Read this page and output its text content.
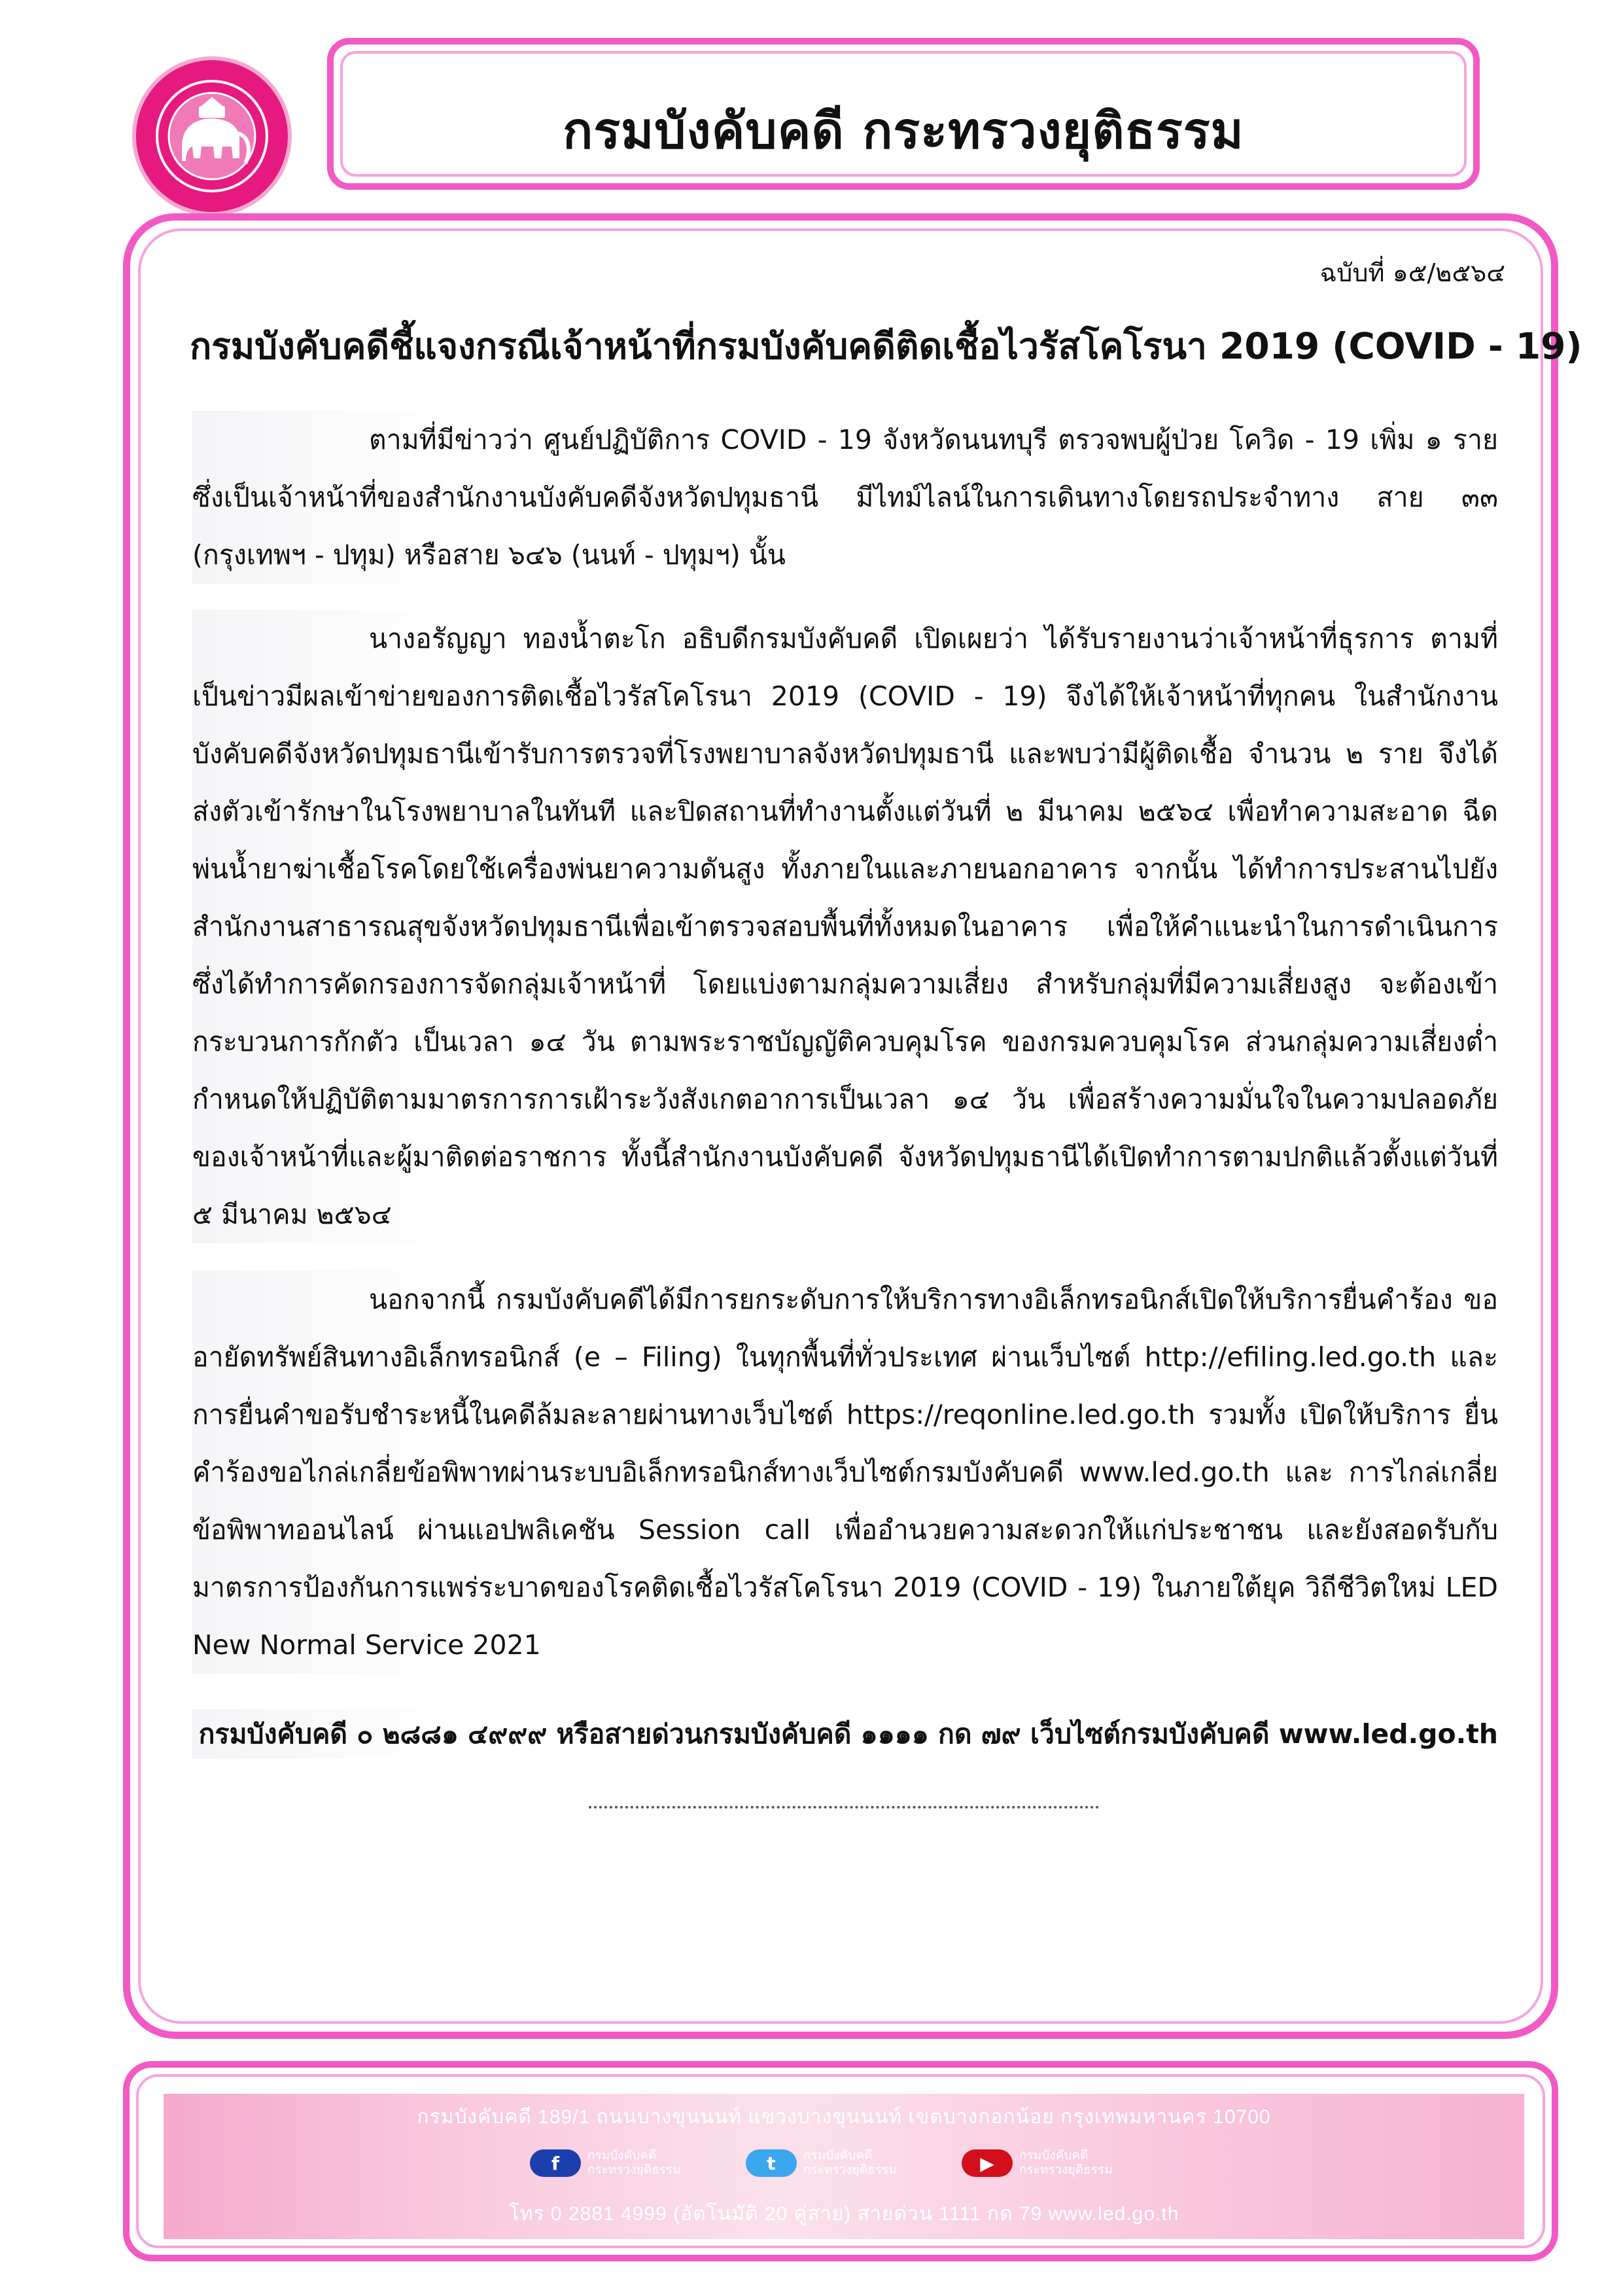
กรมบังคับคดี กระทรวงยุติธรรม
ฉบับที่ ๑๕/๒๕๖๔
กรมบังคับคดีชี้แจงกรณีเจ้าหน้าที่กรมบังคับคดีติดเชื้อไวรัสโคโรนา 2019 (COVID - 19)

ตามที่มีข่าวว่า ศูนย์ปฏิบัติการ COVID - 19 จังหวัดนนทบุรี ตรวจพบผู้ป่วย โควิด - 19 เพิ่ม ๑ ราย ซึ่งเป็นเจ้าหน้าที่ของสำนักงานบังคับคดีจังหวัดปทุมธานี มีไทม์ไลน์ในการเดินทางโดยรถประจำทาง สาย ๓๓ (กรุงเทพฯ - ปทุม) หรือสาย ๖๔๖ (นนท์ - ปทุมฯ) นั้น

นางอรัญญา ทองน้ำตะโก อธิบดีกรมบังคับคดี เปิดเผยว่า ได้รับรายงานว่าเจ้าหน้าที่ธุรการ ตามที่เป็นข่าวมีผลเข้าข่ายของการติดเชื้อไวรัสโคโรนา 2019 (COVID - 19) จึงได้ให้เจ้าหน้าที่ทุกคน ในสำนักงานบังคับคดีจังหวัดปทุมธานีเข้ารับการตรวจที่โรงพยาบาลจังหวัดปทุมธานี และพบว่ามีผู้ติดเชื้อ จำนวน ๒ ราย จึงได้ส่งตัวเข้ารักษาในโรงพยาบาลในทันที และปิดสถานที่ทำงานตั้งแต่วันที่ ๒ มีนาคม ๒๕๖๔ เพื่อทำความสะอาด ฉีดพ่นน้ำยาฆ่าเชื้อโรคโดยใช้เครื่องพ่นยาความดันสูง ทั้งภายในและภายนอกอาคาร จากนั้น ได้ทำการประสานไปยังสำนักงานสาธารณสุขจังหวัดปทุมธานีเพื่อเข้าตรวจสอบพื้นที่ทั้งหมดในอาคาร เพื่อให้คำแนะนำในการดำเนินการ ซึ่งได้ทำการคัดกรองการจัดกลุ่มเจ้าหน้าที่ โดยแบ่งตามกลุ่มความเสี่ยง สำหรับกลุ่มที่มีความเสี่ยงสูง จะต้องเข้ากระบวนการกักตัว เป็นเวลา ๑๔ วัน ตามพระราชบัญญัติควบคุมโรค ของกรมควบคุมโรค ส่วนกลุ่มความเสี่ยงต่ำกำหนดให้ปฏิบัติตามมาตรการการเฝ้าระวังสังเกตอาการเป็นเวลา ๑๔ วัน เพื่อสร้างความมั่นใจในความปลอดภัยของเจ้าหน้าที่และผู้มาติดต่อราชการ ทั้งนี้สำนักงานบังคับคดี จังหวัดปทุมธานีได้เปิดทำการตามปกติแล้วตั้งแต่วันที่ ๕ มีนาคม ๒๕๖๔

นอกจากนี้ กรมบังคับคดีได้มีการยกระดับการให้บริการทางอิเล็กทรอนิกส์เปิดให้บริการยื่นคำร้อง ขออายัดทรัพย์สินทางอิเล็กทรอนิกส์ (e – Filing) ในทุกพื้นที่ทั่วประเทศ ผ่านเว็บไซต์ http://efiling.led.go.th และการยื่นคำขอรับชำระหนี้ในคดีล้มละลายผ่านทางเว็บไซต์ https://reqonline.led.go.th รวมทั้ง เปิดให้บริการ ยื่นคำร้องขอไกล่เกลี่ยข้อพิพาทผ่านระบบอิเล็กทรอนิกส์ทางเว็บไซต์กรมบังคับคดี www.led.go.th และ การไกล่เกลี่ยข้อพิพาทออนไลน์ ผ่านแอปพลิเคชัน Session call เพื่ออำนวยความสะดวกให้แก่ประชาชน และยังสอดรับกับมาตรการป้องกันการแพร่ระบาดของโรคติดเชื้อไวรัสโคโรนา 2019 (COVID - 19) ในภายใต้ยุค วิถีชีวิตใหม่ LED New Normal Service 2021

กรมบังคับคดี ๐ ๒๘๘๑ ๔๙๙๙ หรือสายด่วนกรมบังคับคดี ๑๑๑๑ กด ๗๙ เว็บไซต์กรมบังคับคดี www.led.go.th
กรมบังคับคดี 189/1 ถนนบางขุนนนท์ แขวงบางขุนนนท์ เขตบางกอกน้อย กรุงเทพมหานคร 10700
f	กรมบังคับคดี
กระทรวงยุติธรรม	t	กรมบังคับคดี
กระทรวงยุติธรรม	▶	กรมบังคับคดี
กระทรวงยุติธรรม
โทร 0 2881 4999 (อัตโนมัติ 20 คู่สาย) สายด่วน 1111 กด 79 www.led.go.th
